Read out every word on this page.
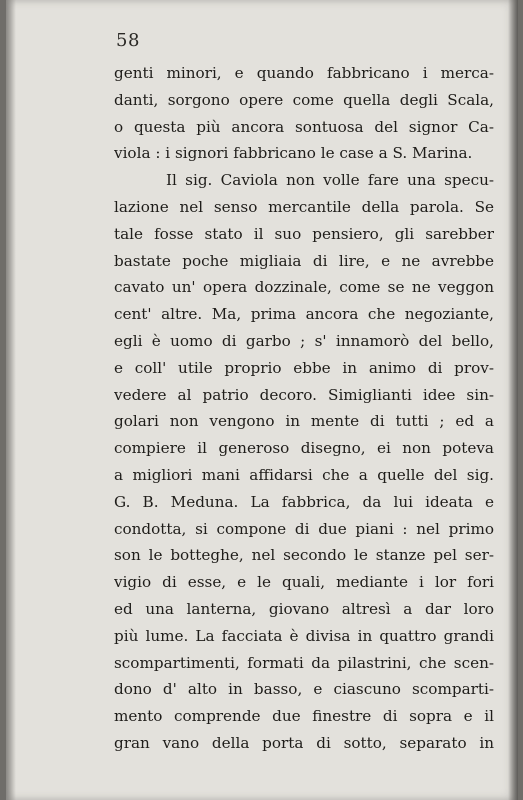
58
genti minori, e quando fabbricano i merca-
danti, sorgono opere come quella degli Scala,
o questa più ancora sontuosa del signor Ca-
viola : i signori fabbricano le case a S. Marina.
Il sig. Caviola non volle fare una specu-
lazione nel senso mercantile della parola. Se
tale fosse stato il suo pensiero, gli sarebber
bastate poche migliaia di lire, e ne avrebbe
cavato un' opera dozzinale, come se ne veggon
cent' altre. Ma, prima ancora che negoziante,
egli è uomo di garbo ; s' innamorò del bello,
e coll' utile proprio ebbe in animo di prov-
vedere al patrio decoro. Simiglianti idee sin-
golari non vengono in mente di tutti ; ed a
compiere il generoso disegno, ei non poteva
a migliori mani affidarsi che a quelle del sig.
G. B. Meduna. La fabbrica, da lui ideata e
condotta, si compone di due piani : nel primo
son le botteghe, nel secondo le stanze pel ser-
vigio di esse, e le quali, mediante i lor fori
ed una lanterna, giovano altresì a dar loro
più lume. La facciata è divisa in quattro grandi
scompartimenti, formati da pilastrini, che scen-
dono d' alto in basso, e ciascuno scomparti-
mento comprende due finestre di sopra e il
gran vano della porta di sotto, separato in
